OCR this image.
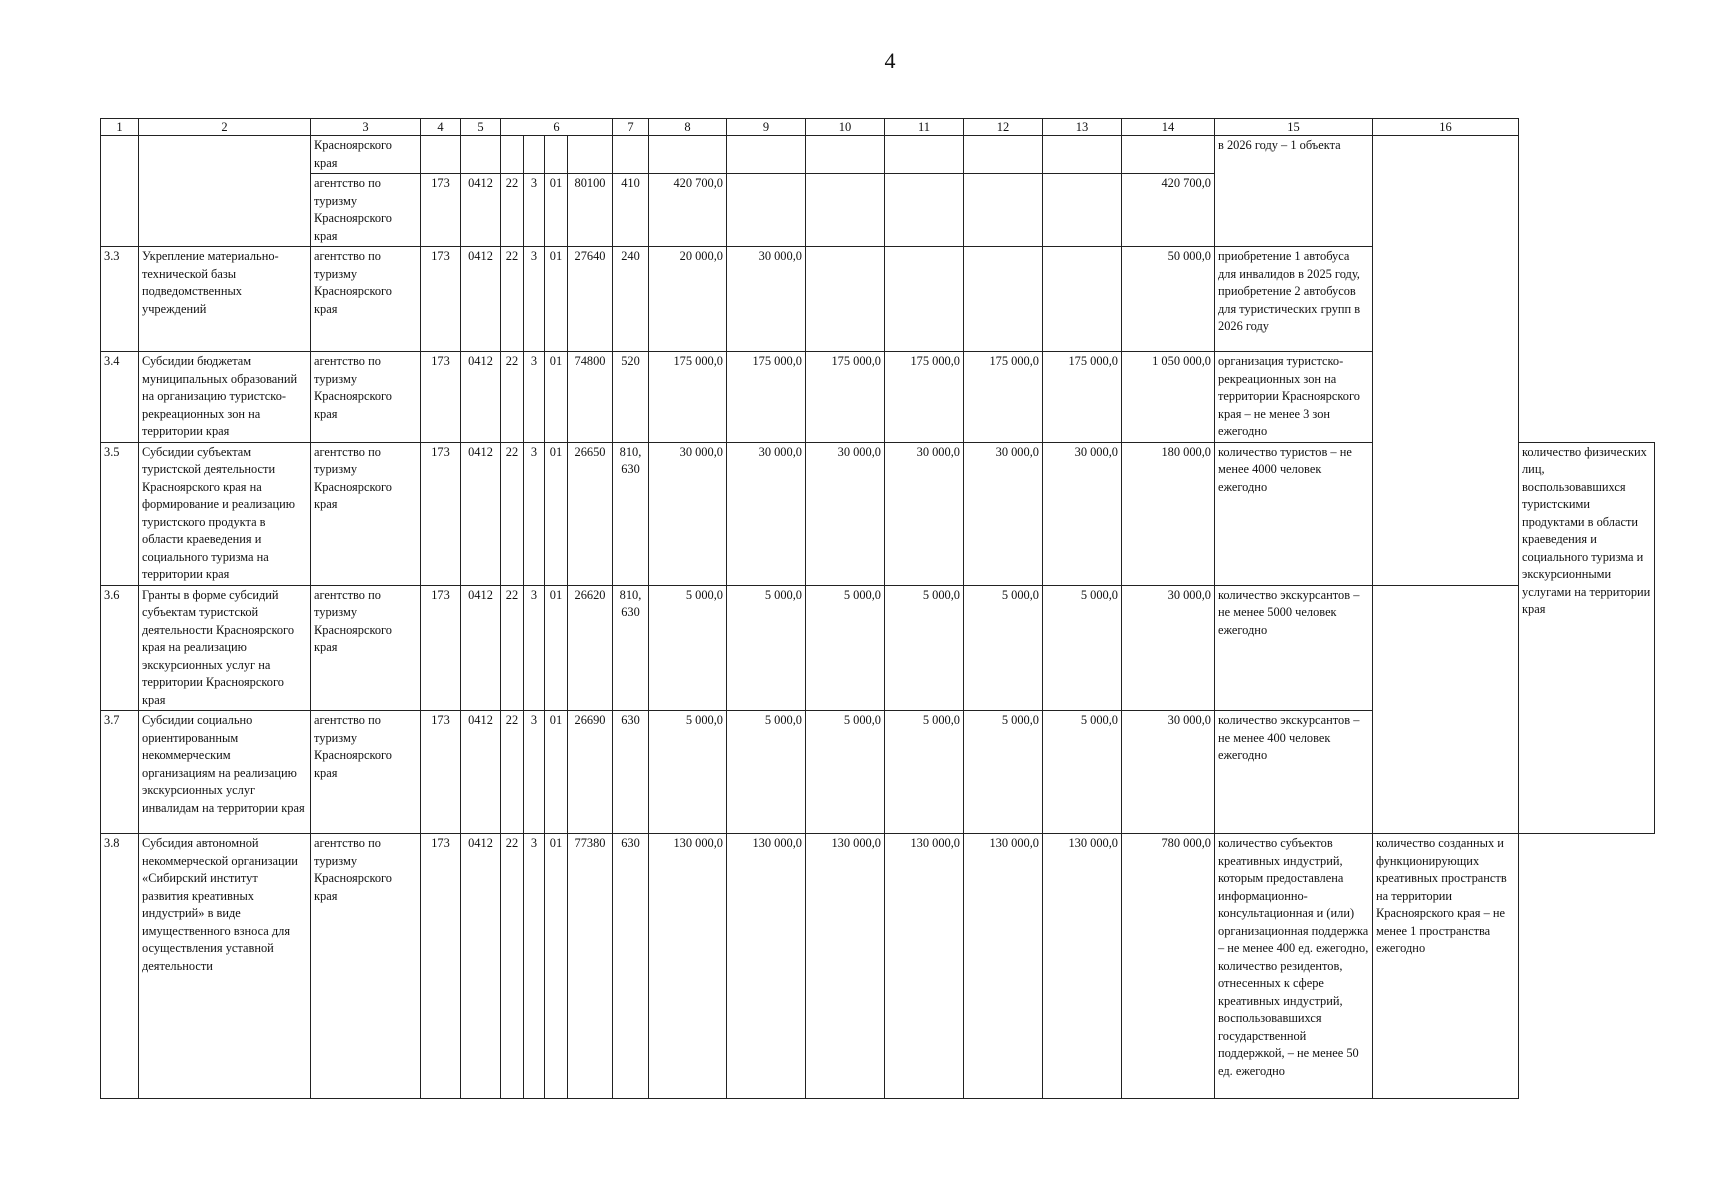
4
1	2	3	4	5	6				7	8	9	10	11	12	13	14	15	16	
		Красноярского края															в 2026 году – 1 объекта		
		агентство по туризму Красноярского края	173	0412	22	3	01	80100	410	420 700,0						420 700,0			
3.3	Укрепление материально-технической базы подведомственных учреждений	агентство по туризму Красноярского края	173	0412	22	3	01	27640	240	20 000,0	30 000,0					50 000,0	приобретение 1 автобуса для инвалидов в 2025 году, приобретение 2 автобусов для туристических групп в 2026 году		
3.4	Субсидии бюджетам муниципальных образований на организацию туристско-рекреационных зон на территории края	агентство по туризму Красноярского края	173	0412	22	3	01	74800	520	175 000,0	175 000,0	175 000,0	175 000,0	175 000,0	175 000,0	1 050 000,0	организация туристско-рекреационных зон на территории Красноярского края – не менее 3 зон ежегодно		
3.5	Субсидии субъектам туристской деятельности Красноярского края на формирование и реализацию туристского продукта в области краеведения и социального туризма на территории края	агентство по туризму Красноярского края	173	0412	22	3	01	26650	810, 630	30 000,0	30 000,0	30 000,0	30 000,0	30 000,0	30 000,0	180 000,0	количество туристов – не менее 4000 человек ежегодно		количество физических лиц, воспользовавшихся туристскими продуктами в области краеведения и социального туризма и экскурсионными услугами на территории края
3.6	Гранты в форме субсидий субъектам туристской деятельности Красноярского края на реализацию экскурсионных услуг на территории Красноярского края	агентство по туризму Красноярского края	173	0412	22	3	01	26620	810, 630	5 000,0	5 000,0	5 000,0	5 000,0	5 000,0	5 000,0	30 000,0	количество экскурсантов – не менее 5000 человек ежегодно		
3.7	Субсидии социально ориентированным некоммерческим организациям на реализацию экскурсионных услуг инвалидам на территории края	агентство по туризму Красноярского края	173	0412	22	3	01	26690	630	5 000,0	5 000,0	5 000,0	5 000,0	5 000,0	5 000,0	30 000,0	количество экскурсантов – не менее 400 человек ежегодно		
3.8	Субсидия автономной некоммерческой организации «Сибирский институт развития креативных индустрий» в виде имущественного взноса для осуществления уставной деятельности	агентство по туризму Красноярского края	173	0412	22	3	01	77380	630	130 000,0	130 000,0	130 000,0	130 000,0	130 000,0	130 000,0	780 000,0	количество субъектов креативных индустрий, которым предоставлена информационно-консультационная и (или) организационная поддержка – не менее 400 ед. ежегодно, количество резидентов, отнесенных к сфере креативных индустрий, воспользовавшихся государственной поддержкой, – не менее 50 ед. ежегодно	количество созданных и функционирующих креативных пространств на территории Красноярского края – не менее 1 пространства ежегодно	
